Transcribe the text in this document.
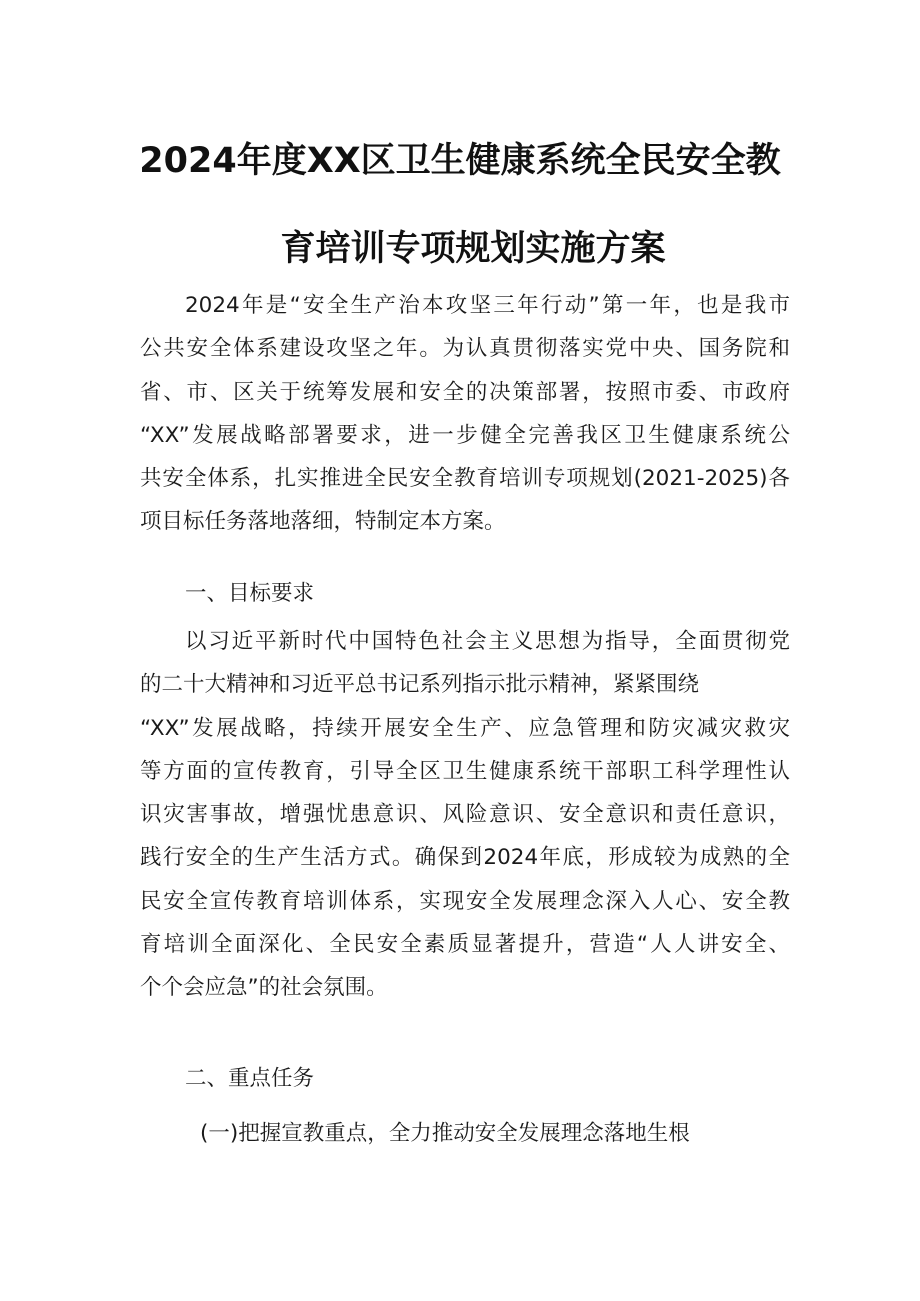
2024年度XX区卫生健康系统全民安全教
育培训专项规划实施方案
2024年是“安全生产治本攻坚三年行动”第一年，也是我市
公共安全体系建设攻坚之年。为认真贯彻落实党中央、国务院和
省、市、区关于统筹发展和安全的决策部署，按照市委、市政府
“XX”发展战略部署要求，进一步健全完善我区卫生健康系统公
共安全体系，扎实推进全民安全教育培训专项规划(2021-2025)各
项目标任务落地落细，特制定本方案。
一、目标要求
以习近平新时代中国特色社会主义思想为指导，全面贯彻党
的二十大精神和习近平总书记系列指示批示精神，紧紧围绕
“XX”发展战略，持续开展安全生产、应急管理和防灾减灾救灾
等方面的宣传教育，引导全区卫生健康系统干部职工科学理性认
识灾害事故，增强忧患意识、风险意识、安全意识和责任意识，
践行安全的生产生活方式。确保到2024年底，形成较为成熟的全
民安全宣传教育培训体系，实现安全发展理念深入人心、安全教
育培训全面深化、全民安全素质显著提升，营造“人人讲安全、
个个会应急”的社会氛围。
二、重点任务
(一)把握宣教重点，全力推动安全发展理念落地生根
